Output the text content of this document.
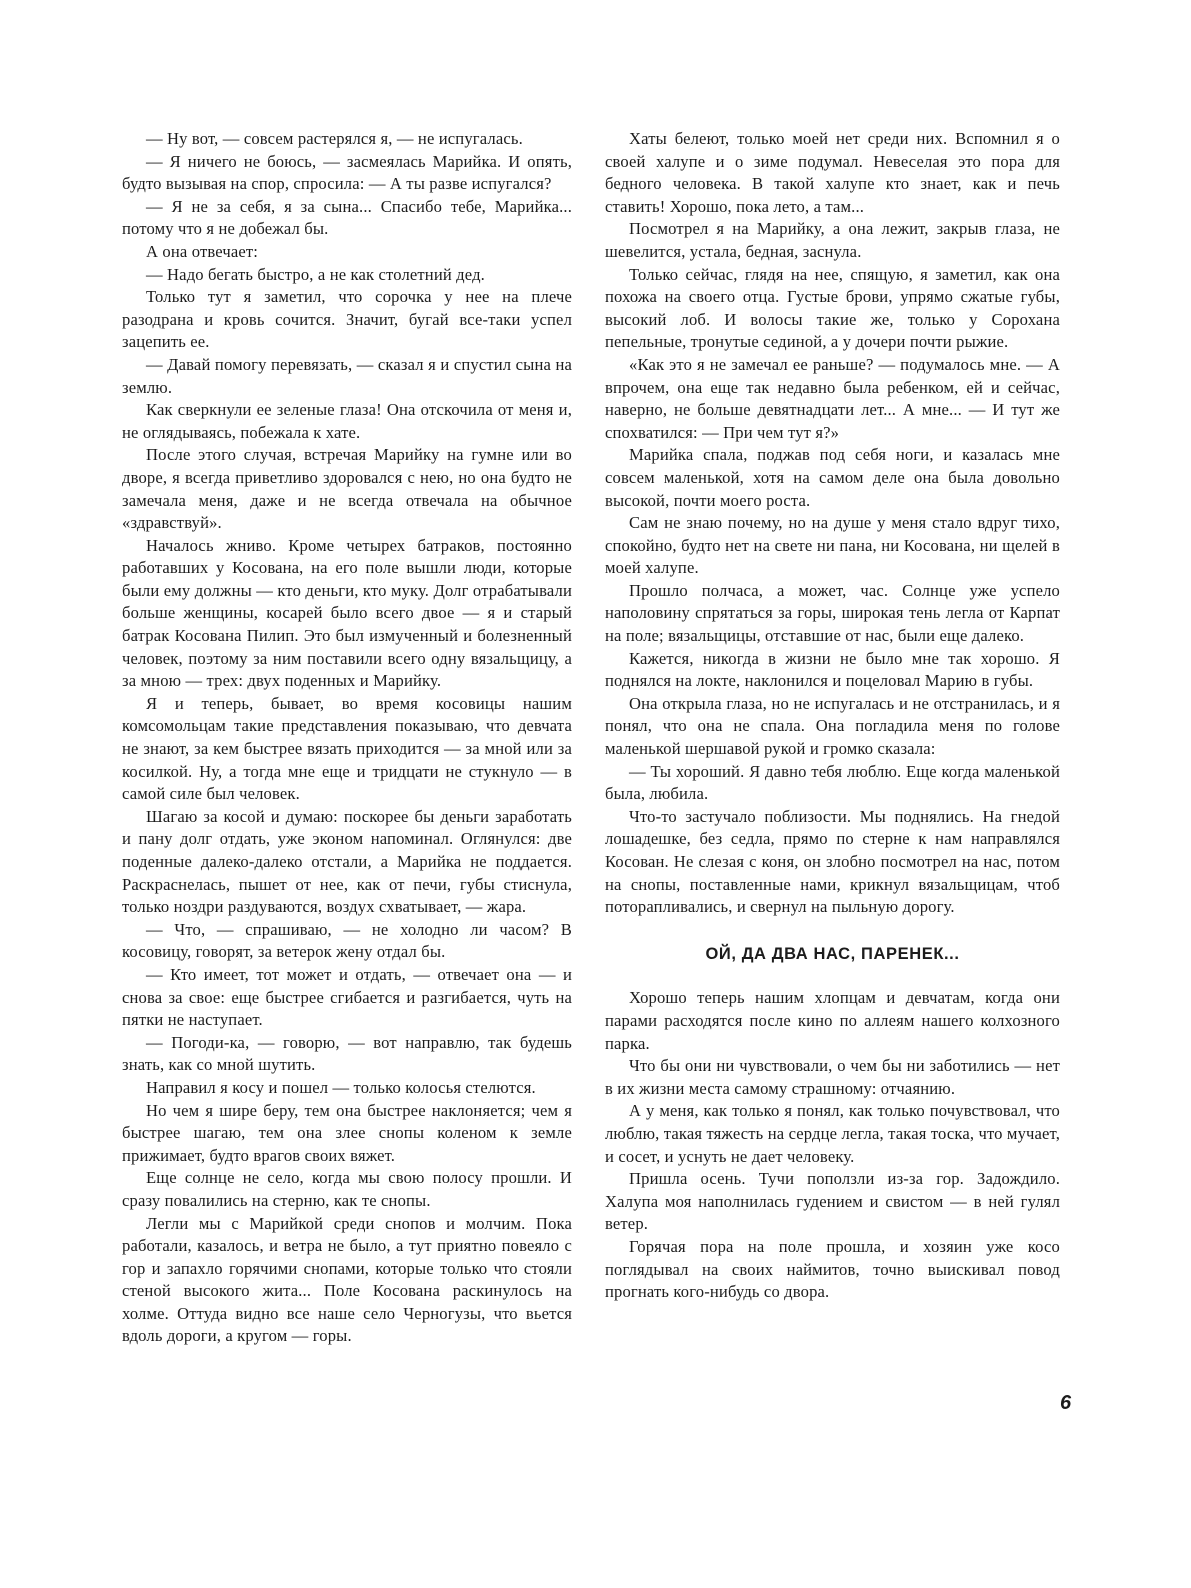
— Ну вот, — совсем растерялся я, — не испугалась.

— Я ничего не боюсь, — засмеялась Марийка. И опять, будто вызывая на спор, спросила: — А ты разве испугался?

— Я не за себя, я за сына... Спасибо тебе, Марийка... потому что я не добежал бы.

А она отвечает:

— Надо бегать быстро, а не как столетний дед.

Только тут я заметил, что сорочка у нее на плече разодрана и кровь сочится. Значит, бугай все-таки успел зацепить ее.

— Давай помогу перевязать, — сказал я и спустил сына на землю.

Как сверкнули ее зеленые глаза! Она отскочила от меня и, не оглядываясь, побежала к хате.

После этого случая, встречая Марийку на гумне или во дворе, я всегда приветливо здоровался с нею, но она будто не замечала меня, даже и не всегда отвечала на обычное «здравствуй».

Началось жниво. Кроме четырех батраков, постоянно работавших у Косована, на его поле вышли люди, которые были ему должны — кто деньги, кто муку. Долг отрабатывали больше женщины, косарей было всего двое — я и старый батрак Косована Пилип. Это был измученный и болезненный человек, поэтому за ним поставили всего одну вязальщицу, а за мною — трех: двух поденных и Марийку.

Я и теперь, бывает, во время косовицы нашим комсомольцам такие представления показываю, что девчата не знают, за кем быстрее вязать приходится — за мной или за косилкой. Ну, а тогда мне еще и тридцати не стукнуло — в самой силе был человек.

Шагаю за косой и думаю: поскорее бы деньги заработать и пану долг отдать, уже эконом напоминал. Оглянулся: две поденные далеко-далеко отстали, а Марийка не поддается. Раскраснелась, пышет от нее, как от печи, губы стиснула, только ноздри раздуваются, воздух схватывает, — жара.

— Что, — спрашиваю, — не холодно ли часом? В косовицу, говорят, за ветерок жену отдал бы.

— Кто имеет, тот может и отдать, — отвечает она — и снова за свое: еще быстрее сгибается и разгибается, чуть на пятки не наступает.

— Погоди-ка, — говорю, — вот направлю, так будешь знать, как со мной шутить.

Направил я косу и пошел — только колосья стелются.

Но чем я шире беру, тем она быстрее наклоняется; чем я быстрее шагаю, тем она злее снопы коленом к земле прижимает, будто врагов своих вяжет.

Еще солнце не село, когда мы свою полосу прошли. И сразу повалились на стерню, как те снопы.

Легли мы с Марийкой среди снопов и молчим. Пока работали, казалось, и ветра не было, а тут приятно повеяло с гор и запахло горячими снопами, которые только что стояли стеной высокого жита... Поле Косована раскинулось на холме. Оттуда видно все наше село Черногузы, что вьется вдоль дороги, а кругом — горы.

Хаты белеют, только моей нет среди них. Вспомнил я о своей халупе и о зиме подумал. Невеселая это пора для бедного человека. В такой халупе кто знает, как и печь ставить! Хорошо, пока лето, а там...

Посмотрел я на Марийку, а она лежит, закрыв глаза, не шевелится, устала, бедная, заснула.

Только сейчас, глядя на нее, спящую, я заметил, как она похожа на своего отца. Густые брови, упрямо сжатые губы, высокий лоб. И волосы такие же, только у Сорохана пепельные, тронутые сединой, а у дочери почти рыжие.

«Как это я не замечал ее раньше? — подумалось мне. — А впрочем, она еще так недавно была ребенком, ей и сейчас, наверно, не больше девятнадцати лет... А мне... — И тут же спохватился: — При чем тут я?»

Марийка спала, поджав под себя ноги, и казалась мне совсем маленькой, хотя на самом деле она была довольно высокой, почти моего роста.

Сам не знаю почему, но на душе у меня стало вдруг тихо, спокойно, будто нет на свете ни пана, ни Косована, ни щелей в моей халупе.

Прошло полчаса, а может, час. Солнце уже успело наполовину спрятаться за горы, широкая тень легла от Карпат на поле; вязальщицы, отставшие от нас, были еще далеко.

Кажется, никогда в жизни не было мне так хорошо. Я поднялся на локте, наклонился и поцеловал Марию в губы.

Она открыла глаза, но не испугалась и не отстранилась, и я понял, что она не спала. Она погладила меня по голове маленькой шершавой рукой и громко сказала:

— Ты хороший. Я давно тебя люблю. Еще когда маленькой была, любила.

Что-то застучало поблизости. Мы поднялись. На гнедой лошадешке, без седла, прямо по стерне к нам направлялся Косован. Не слезая с коня, он злобно посмотрел на нас, потом на снопы, поставленные нами, крикнул вязальщицам, чтоб поторапливались, и свернул на пыльную дорогу.

ОЙ, ДА ДВА НАС, ПАРЕНЕК...

Хорошо теперь нашим хлопцам и девчатам, когда они парами расходятся после кино по аллеям нашего колхозного парка.

Что бы они ни чувствовали, о чем бы ни заботились — нет в их жизни места самому страшному: отчаянию.

А у меня, как только я понял, как только почувствовал, что люблю, такая тяжесть на сердце легла, такая тоска, что мучает, и сосет, и уснуть не дает человеку.

Пришла осень. Тучи поползли из-за гор. Задождило. Халупа моя наполнилась гудением и свистом — в ней гулял ветер.

Горячая пора на поле прошла, и хозяин уже косо поглядывал на своих наймитов, точно выискивал повод прогнать кого-нибудь со двора.

6
